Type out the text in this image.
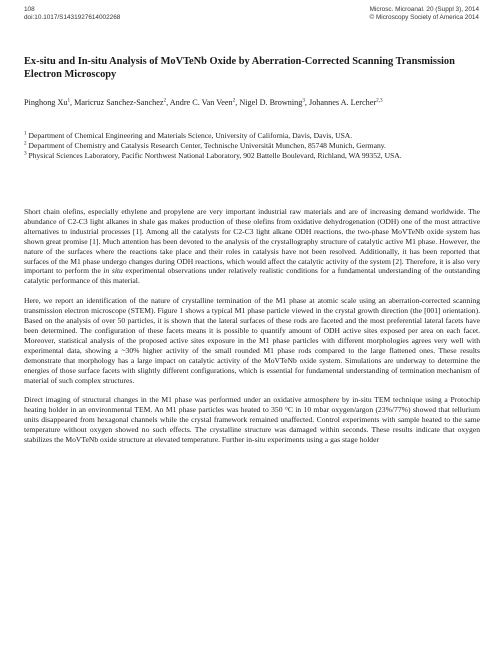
108
doi:10.1017/S1431927614002268
Microsc. Microanal. 20 (Suppl 3), 2014
© Microscopy Society of America 2014
Ex-situ and In-situ Analysis of MoVTeNb Oxide by Aberration-Corrected Scanning Transmission Electron Microscopy

Pinghong Xu$^1$, Maricruz Sanchez-Sanchez$^2$, Andre C. Van Veen$^2$, Nigel D. Browning$^3$, Johannes A. Lercher$^{2,3}$

$^1$ Department of Chemical Engineering and Materials Science, University of California, Davis, Davis, USA.

$^2$ Department of Chemistry and Catalysis Research Center, Technische Universität Munchen, 85748 Munich, Germany.

$^3$ Physical Sciences Laboratory, Pacific Northwest National Laboratory, 902 Battelle Boulevard, Richland, WA 99352, USA.

Short chain olefins, especially ethylene and propylene are very important industrial raw materials and are of increasing demand worldwide. The abundance of C2-C3 light alkanes in shale gas makes production of these olefins from oxidative dehydrogenation (ODH) one of the most attractive alternatives to industrial processes [1]. Among all the catalysts for C2-C3 light alkane ODH reactions, the two-phase MoVTeNb oxide system has shown great promise [1]. Much attention has been devoted to the analysis of the crystallography structure of catalytic active M1 phase. However, the nature of the surfaces where the reactions take place and their roles in catalysis have not been resolved. Additionally, it has been reported that surfaces of the M1 phase undergo changes during ODH reactions, which would affect the catalytic activity of the system [2]. Therefore, it is also very important to perform the in situ experimental observations under relatively realistic conditions for a fundamental understanding of the outstanding catalytic performance of this material.

Here, we report an identification of the nature of crystalline termination of the M1 phase at atomic scale using an aberration-corrected scanning transmission electron microscope (STEM). Figure 1 shows a typical M1 phase particle viewed in the crystal growth direction (the [001] orientation). Based on the analysis of over 50 particles, it is shown that the lateral surfaces of these rods are faceted and the most preferential lateral facets have been determined. The configuration of these facets means it is possible to quantify amount of ODH active sites exposed per area on each facet. Moreover, statistical analysis of the proposed active sites exposure in the M1 phase particles with different morphologies agrees very well with experimental data, showing a ~30% higher activity of the small rounded M1 phase rods compared to the large flattened ones. These results demonstrate that morphology has a large impact on catalytic activity of the MoVTeNb oxide system. Simulations are underway to determine the energies of those surface facets with slightly different configurations, which is essential for fundamental understanding of termination mechanism of material of such complex structures.

Direct imaging of structural changes in the M1 phase was performed under an oxidative atmosphere by in-situ TEM technique using a Protochip heating holder in an environmental TEM. An M1 phase particles was heated to 350 °C in 10 mbar oxygen/argon (23%/77%) showed that tellurium units disappeared from hexagonal channels while the crystal framework remained unaffected. Control experiments with sample heated to the same temperature without oxygen showed no such effects. The crystalline structure was damaged within seconds. These results indicate that oxygen stabilizes the MoVTeNb oxide structure at elevated temperature. Further in-situ experiments using a gas stage holder
